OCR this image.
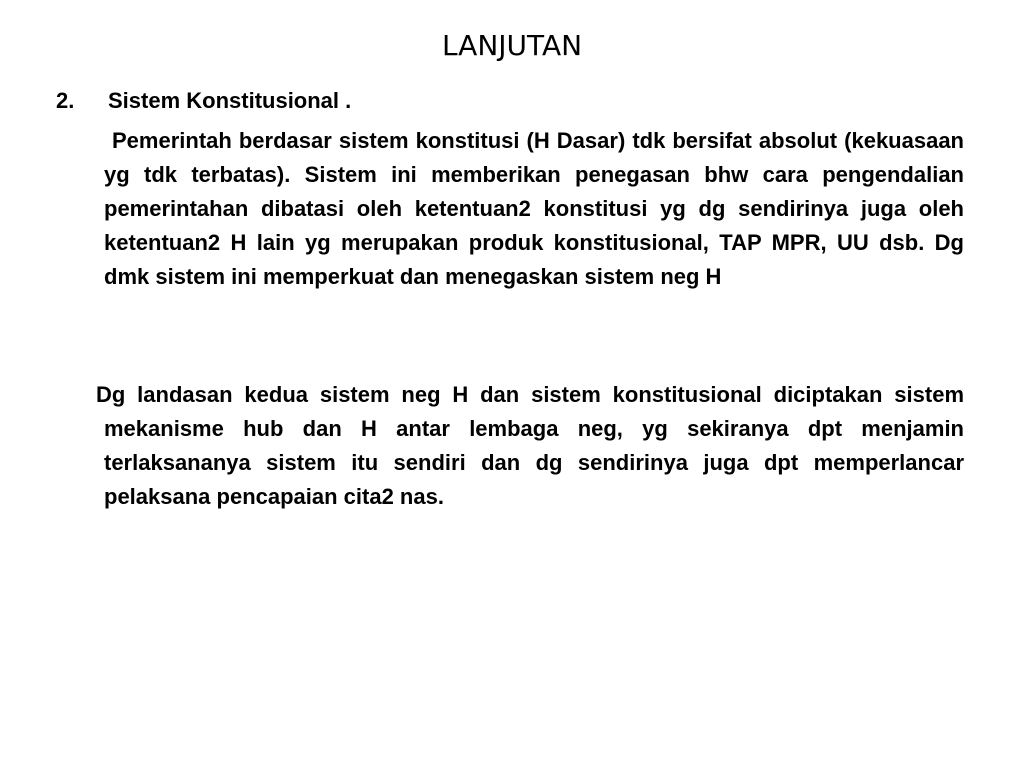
LANJUTAN
2. Sistem Konstitusional .

Pemerintah berdasar sistem konstitusi (H Dasar) tdk bersifat absolut (kekuasaan yg tdk terbatas). Sistem ini memberikan penegasan bhw cara pengendalian pemerintahan dibatasi oleh ketentuan2 konstitusi yg dg sendirinya juga oleh ketentuan2 H lain yg merupakan produk konstitusional, TAP MPR, UU dsb. Dg dmk sistem ini memperkuat dan menegaskan sistem neg H

Dg landasan kedua sistem neg H dan sistem konstitusional diciptakan sistem mekanisme hub dan H antar lembaga neg, yg sekiranya dpt menjamin terlaksananya sistem itu sendiri dan dg sendirinya juga dpt memperlancar pelaksana pencapaian cita2 nas.
